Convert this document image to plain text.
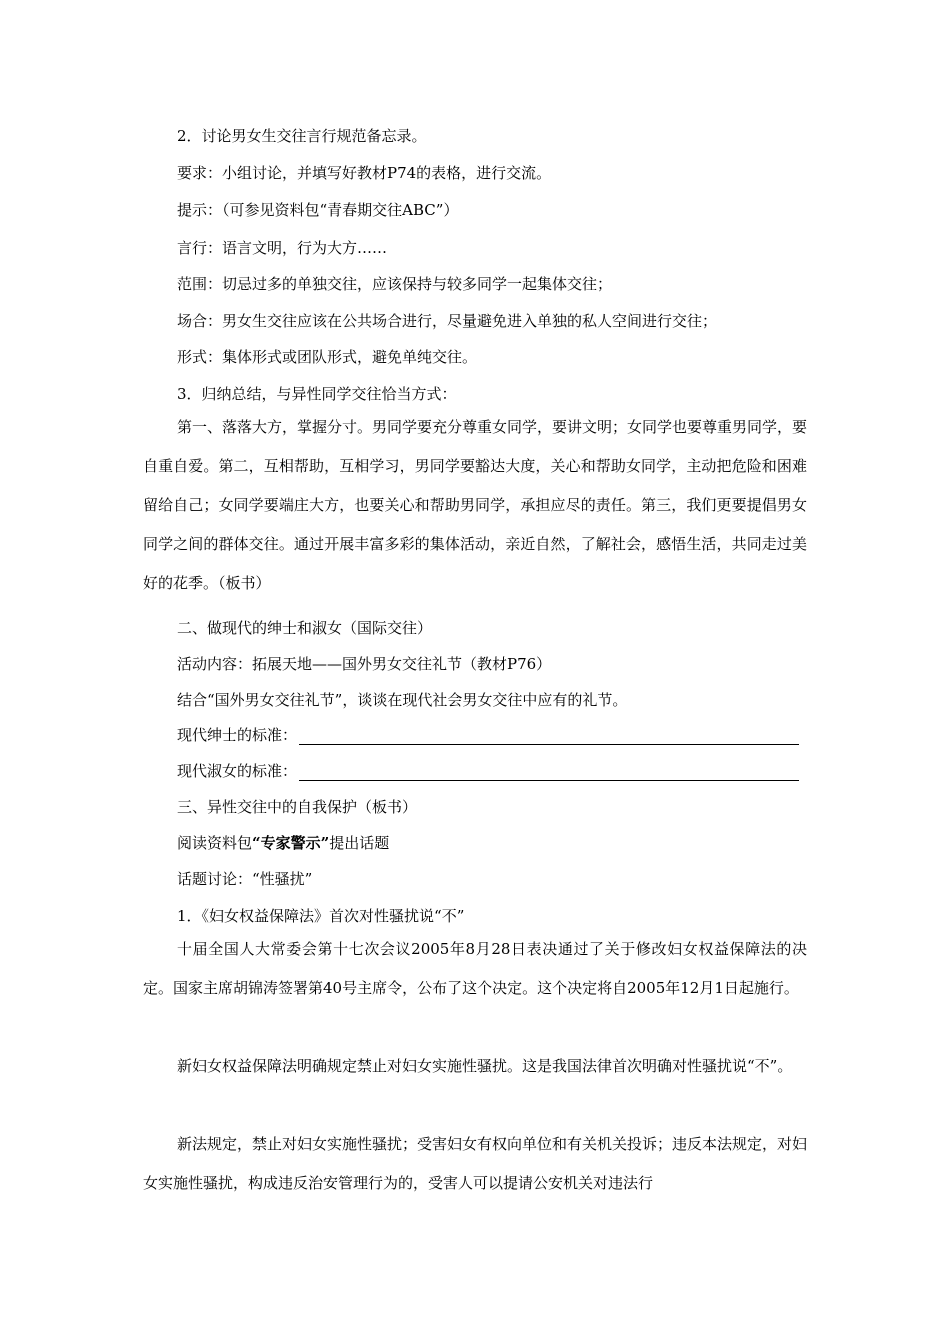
2．讨论男女生交往言行规范备忘录。
要求：小组讨论，并填写好教材P74的表格，进行交流。
提示：（可参见资料包“青春期交往ABC”）
言行：语言文明，行为大方……
范围：切忌过多的单独交往，应该保持与较多同学一起集体交往；
场合：男女生交往应该在公共场合进行，尽量避免进入单独的私人空间进行交往；
形式：集体形式或团队形式，避免单纯交往。
3．归纳总结，与异性同学交往恰当方式：
第一、落落大方，掌握分寸。男同学要充分尊重女同学，要讲文明；女同学也要尊重男同学，要自重自爱。第二，互相帮助，互相学习，男同学要豁达大度，关心和帮助女同学，主动把危险和困难留给自己；女同学要端庄大方，也要关心和帮助男同学，承担应尽的责任。第三，我们更要提倡男女同学之间的群体交往。通过开展丰富多彩的集体活动，亲近自然，了解社会，感悟生活，共同走过美好的花季。（板书）
二、做现代的绅士和淑女（国际交往）
活动内容：拓展天地——国外男女交往礼节（教材P76）
结合“国外男女交往礼节”，谈谈在现代社会男女交往中应有的礼节。
现代绅士的标准：
现代淑女的标准：
三、异性交往中的自我保护（板书）
阅读资料包“专家警示”提出话题
话题讨论：“性骚扰”
1．《妇女权益保障法》首次对性骚扰说“不”
十届全国人大常委会第十七次会议2005年8月28日表决通过了关于修改妇女权益保障法的决定。国家主席胡锦涛签署第40号主席令，公布了这个决定。这个决定将自2005年12月1日起施行。
新妇女权益保障法明确规定禁止对妇女实施性骚扰。这是我国法律首次明确对性骚扰说“不”。
新法规定，禁止对妇女实施性骚扰；受害妇女有权向单位和有关机关投诉；违反本法规定，对妇女实施性骚扰，构成违反治安管理行为的，受害人可以提请公安机关对违法行
